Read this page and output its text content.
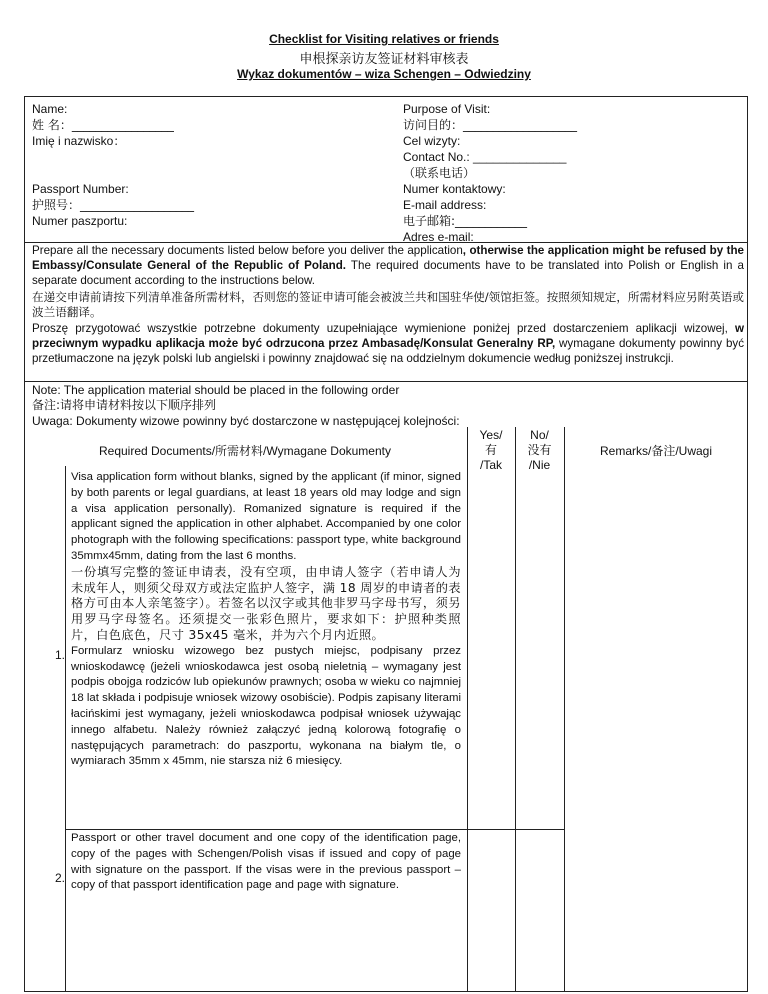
Checklist for Visiting relatives or friends
申根探亲访友签证材料审核表
Wykaz dokumentów – wiza Schengen – Odwiedziny
Name:
姓 名：_________________
Imię i nazwisko：
Passport Number:
护照号：___________________
Numer paszportu:
Purpose of Visit:
访问目的：___________________
Cel wizyty:
Contact No.: ______________
（联系电话）
Numer kontaktowy:
E-mail address:
电子邮箱:____________
Adres e-mail:
Prepare all the necessary documents listed below before you deliver the application, otherwise the application might be refused by the Embassy/Consulate General of the Republic of Poland. The required documents have to be translated into Polish or English in a separate document according to the instructions below.
在递交申请前请按下列清单准备所需材料，否则您的签证申请可能会被波兰共和国驻华使/领馆拒签。按照须知规定，所需材料应另附英语或波兰语翻译。
Proszę przygotować wszystkie potrzebne dokumenty uzupełniające wymienione poniżej przed dostarczeniem aplikacji wizowej, w przeciwnym wypadku aplikacja może być odrzucona przez Ambasadę/Konsulat Generalny RP, wymagane dokumenty powinny być przetłumaczone na język polski lub angielski i powinny znajdować się na oddzielnym dokumencie według poniższej instrukcji.
Note: The application material should be placed in the following order
备注:请将申请材料按以下顺序排列
Uwaga: Dokumenty wizowe powinny być dostarczone w następującej kolejności:
Required Documents/所需材料/Wymagane Dokumenty
Yes/
有
/Tak
No/
没有
/Nie
Remarks/备注/Uwagi
1.
Visa application form without blanks, signed by the applicant (if minor, signed by both parents or legal guardians, at least 18 years old may lodge and sign a visa application personally). Romanized signature is required if the applicant signed the application in other alphabet. Accompanied by one color photograph with the following specifications: passport type, white background 35mmx45mm, dating from the last 6 months.
一份填写完整的签证申请表，没有空项，由申请人签字（若申请人为未成年人，则须父母双方或法定监护人签字，满 18 周岁的申请者的表格方可由本人亲笔签字）。若签名以汉字或其他非罗马字母书写，须另用罗马字母签名。还须提交一张彩色照片，要求如下：护照种类照片，白色底色，尺寸 35x45 毫米，并为六个月内近照。
Formularz wniosku wizowego bez pustych miejsc, podpisany przez wnioskodawcę (jeżeli wnioskodawca jest osobą nieletnią – wymagany jest podpis obojga rodziców lub opiekunów prawnych; osoba w wieku co najmniej 18 lat składa i podpisuje wniosek wizowy osobiście). Podpis zapisany literami łacińskimi jest wymagany, jeżeli wnioskodawca podpisał wniosek używając innego alfabetu. Należy również załączyć jedną kolorową fotografię o następujących parametrach: do paszportu, wykonana na białym tle, o wymiarach 35mm x 45mm, nie starsza niż 6 miesięcy.
2.
Passport or other travel document and one copy of the identification page, copy of the pages with Schengen/Polish visas if issued and copy of page with signature on the passport. If the visas were in the previous passport – copy of that passport identification page and page with signature.
